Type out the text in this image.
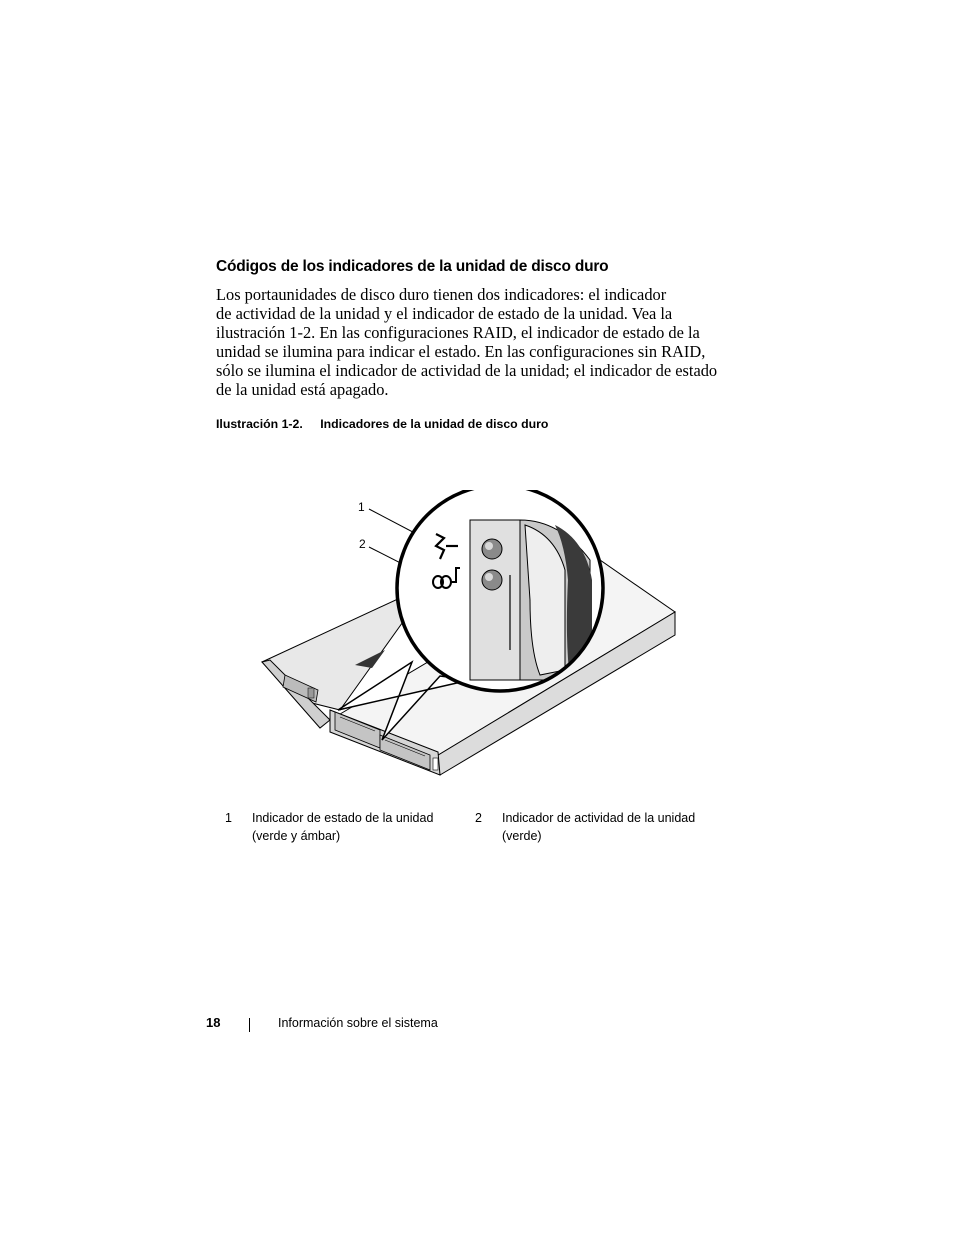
Códigos de los indicadores de la unidad de disco duro
Los portaunidades de disco duro tienen dos indicadores: el indicador
de actividad de la unidad y el indicador de estado de la unidad. Vea la
ilustración 1-2. En las configuraciones RAID, el indicador de estado de la
unidad se ilumina para indicar el estado. En las configuraciones sin RAID,
sólo se ilumina el indicador de actividad de la unidad; el indicador de estado
de la unidad está apagado.
Ilustración 1-2. Indicadores de la unidad de disco duro
1
2
1 Indicador de estado de la unidad
(verde y ámbar)
2 Indicador de actividad de la unidad
(verde)
18	Información sobre el sistema
